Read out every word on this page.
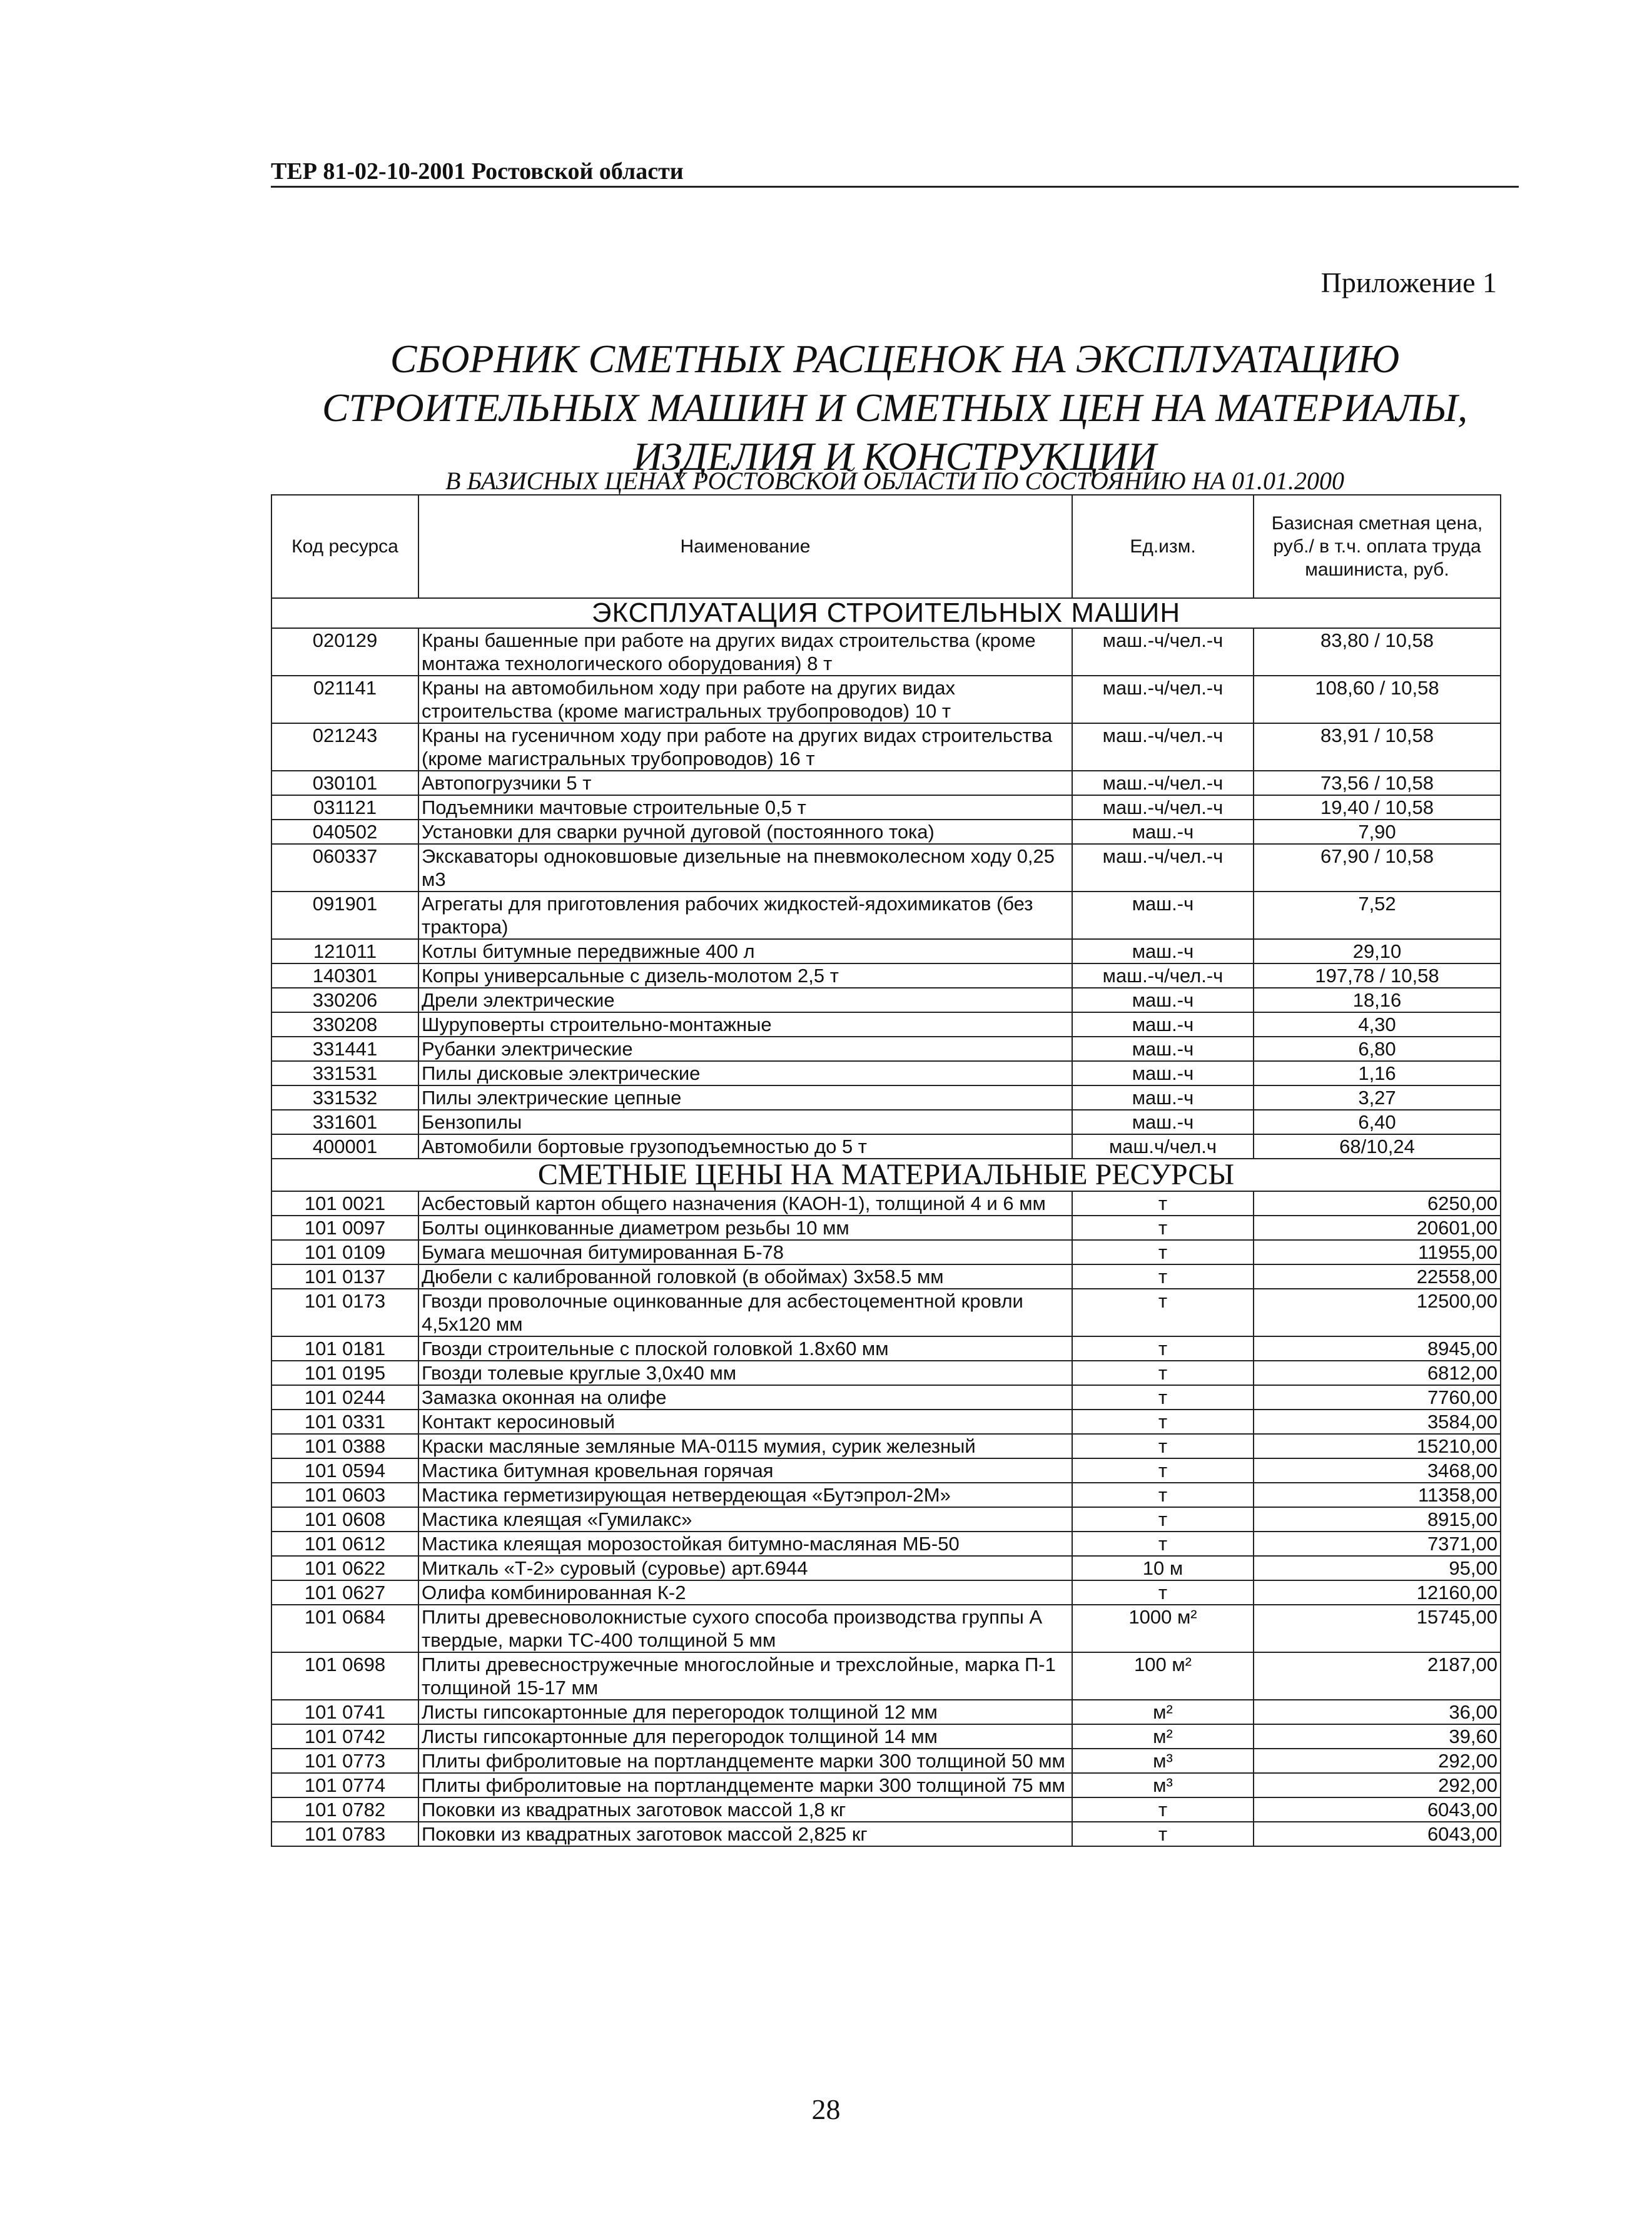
ТЕР 81-02-10-2001 Ростовской области
Приложение 1
СБОРНИК СМЕТНЫХ РАСЦЕНОК НА ЭКСПЛУАТАЦИЮ
СТРОИТЕЛЬНЫХ МАШИН И СМЕТНЫХ ЦЕН НА МАТЕРИАЛЫ,
ИЗДЕЛИЯ И КОНСТРУКЦИИ
В БАЗИСНЫХ ЦЕНАХ РОСТОВСКОЙ ОБЛАСТИ ПО СОСТОЯНИЮ НА 01.01.2000
Код ресурса	Наименование	Ед.изм.	Базисная сметная цена, руб./ в т.ч. оплата труда машиниста, руб.
ЭКСПЛУАТАЦИЯ СТРОИТЕЛЬНЫХ МАШИН			
020129	Краны башенные при работе на других видах строительства (кроме монтажа технологического оборудования) 8 т	маш.-ч/чел.-ч	83,80 / 10,58
021141	Краны на автомобильном ходу при работе на других видах строительства (кроме магистральных трубопроводов) 10 т	маш.-ч/чел.-ч	108,60 / 10,58
021243	Краны на гусеничном ходу при работе на других видах строительства (кроме магистральных трубопроводов) 16 т	маш.-ч/чел.-ч	83,91 / 10,58
030101	Автопогрузчики 5 т	маш.-ч/чел.-ч	73,56 / 10,58
031121	Подъемники мачтовые строительные 0,5 т	маш.-ч/чел.-ч	19,40 / 10,58
040502	Установки для сварки ручной дуговой (постоянного тока)	маш.-ч	7,90
060337	Экскаваторы одноковшовые дизельные на пневмоколесном ходу 0,25 м3	маш.-ч/чел.-ч	67,90 / 10,58
091901	Агрегаты для приготовления рабочих жидкостей-ядохимикатов (без трактора)	маш.-ч	7,52
121011	Котлы битумные передвижные 400 л	маш.-ч	29,10
140301	Копры универсальные с дизель-молотом 2,5 т	маш.-ч/чел.-ч	197,78 / 10,58
330206	Дрели электрические	маш.-ч	18,16
330208	Шуруповерты строительно-монтажные	маш.-ч	4,30
331441	Рубанки электрические	маш.-ч	6,80
331531	Пилы дисковые электрические	маш.-ч	1,16
331532	Пилы электрические цепные	маш.-ч	3,27
331601	Бензопилы	маш.-ч	6,40
400001	Автомобили бортовые грузоподъемностью до 5 т	маш.ч/чел.ч	68/10,24
СМЕТНЫЕ ЦЕНЫ НА МАТЕРИАЛЬНЫЕ РЕСУРСЫ			
101 0021	Асбестовый картон общего назначения (КАОН-1), толщиной 4 и 6 мм	т	6250,00
101 0097	Болты оцинкованные диаметром резьбы 10 мм	т	20601,00
101 0109	Бумага мешочная битумированная Б-78	т	11955,00
101 0137	Дюбели с калиброванной головкой (в обоймах) 3х58.5 мм	т	22558,00
101 0173	Гвозди проволочные оцинкованные для асбестоцементной кровли 4,5х120 мм	т	12500,00
101 0181	Гвозди строительные с плоской головкой 1.8х60 мм	т	8945,00
101 0195	Гвозди толевые круглые 3,0х40 мм	т	6812,00
101 0244	Замазка оконная на олифе	т	7760,00
101 0331	Контакт керосиновый	т	3584,00
101 0388	Краски масляные земляные МА-0115 мумия, сурик железный	т	15210,00
101 0594	Мастика битумная кровельная горячая	т	3468,00
101 0603	Мастика герметизирующая нетвердеющая «Бутэпрол-2М»	т	11358,00
101 0608	Мастика клеящая «Гумилакс»	т	8915,00
101 0612	Мастика клеящая морозостойкая битумно-масляная МБ-50	т	7371,00
101 0622	Миткаль «Т-2» суровый (суровье) арт.6944	10 м	95,00
101 0627	Олифа комбинированная К-2	т	12160,00
101 0684	Плиты древесноволокнистые сухого способа производства группы А твердые, марки ТС-400 толщиной 5 мм	1000 м²	15745,00
101 0698	Плиты древесностружечные многослойные и трехслойные, марка П-1 толщиной 15-17 мм	100 м²	2187,00
101 0741	Листы гипсокартонные для перегородок толщиной 12 мм	м²	36,00
101 0742	Листы гипсокартонные для перегородок толщиной 14 мм	м²	39,60
101 0773	Плиты фибролитовые на портландцементе марки 300 толщиной 50 мм	м³	292,00
101 0774	Плиты фибролитовые на портландцементе марки 300 толщиной 75 мм	м³	292,00
101 0782	Поковки из квадратных заготовок массой 1,8 кг	т	6043,00
101 0783	Поковки из квадратных заготовок массой 2,825 кг	т	6043,00
28
